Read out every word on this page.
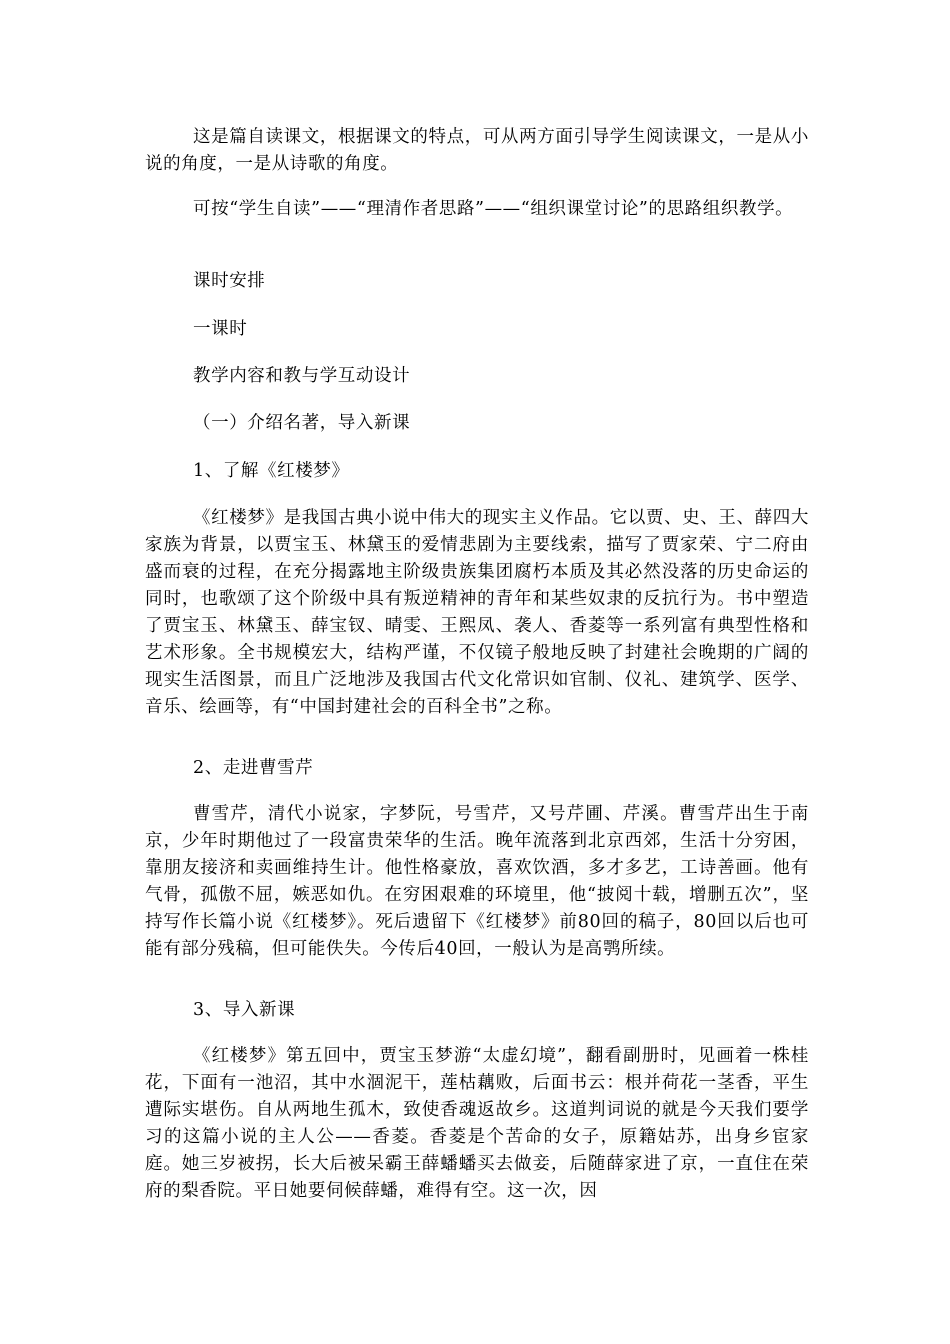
这是篇自读课文，根据课文的特点，可从两方面引导学生阅读课文，一是从小说的角度，一是从诗歌的角度。

可按“学生自读”——“理清作者思路”——“组织课堂讨论”的思路组织教学。

课时安排

一课时

教学内容和教与学互动设计

（一）介绍名著，导入新课

1、了解《红楼梦》

《红楼梦》是我国古典小说中伟大的现实主义作品。它以贾、史、王、薛四大家族为背景，以贾宝玉、林黛玉的爱情悲剧为主要线索，描写了贾家荣、宁二府由盛而衰的过程，在充分揭露地主阶级贵族集团腐朽本质及其必然没落的历史命运的同时，也歌颂了这个阶级中具有叛逆精神的青年和某些奴隶的反抗行为。书中塑造了贾宝玉、林黛玉、薛宝钗、晴雯、王熙凤、袭人、香菱等一系列富有典型性格和艺术形象。全书规模宏大，结构严谨，不仅镜子般地反映了封建社会晚期的广阔的现实生活图景，而且广泛地涉及我国古代文化常识如官制、仪礼、建筑学、医学、音乐、绘画等，有“中国封建社会的百科全书”之称。

2、走进曹雪芹

曹雪芹，清代小说家，字梦阮，号雪芹，又号芹圃、芹溪。曹雪芹出生于南京，少年时期他过了一段富贵荣华的生活。晚年流落到北京西郊，生活十分穷困，靠朋友接济和卖画维持生计。他性格豪放，喜欢饮酒，多才多艺，工诗善画。他有气骨，孤傲不屈，嫉恶如仇。在穷困艰难的环境里，他“披阅十载，增删五次”，坚持写作长篇小说《红楼梦》。死后遗留下《红楼梦》前80回的稿子，80回以后也可能有部分残稿，但可能佚失。今传后40回，一般认为是高鹗所续。

3、导入新课

《红楼梦》第五回中，贾宝玉梦游“太虚幻境”，翻看副册时，见画着一株桂花，下面有一池沼，其中水涸泥干，莲枯藕败，后面书云：根并荷花一茎香，平生遭际实堪伤。自从两地生孤木，致使香魂返故乡。这道判词说的就是今天我们要学习的这篇小说的主人公——香菱。香菱是个苦命的女子，原籍姑苏，出身乡宦家庭。她三岁被拐，长大后被呆霸王薛蟠蟠买去做妾，后随薛家进了京，一直住在荣府的梨香院。平日她要伺候薛蟠，难得有空。这一次，因
